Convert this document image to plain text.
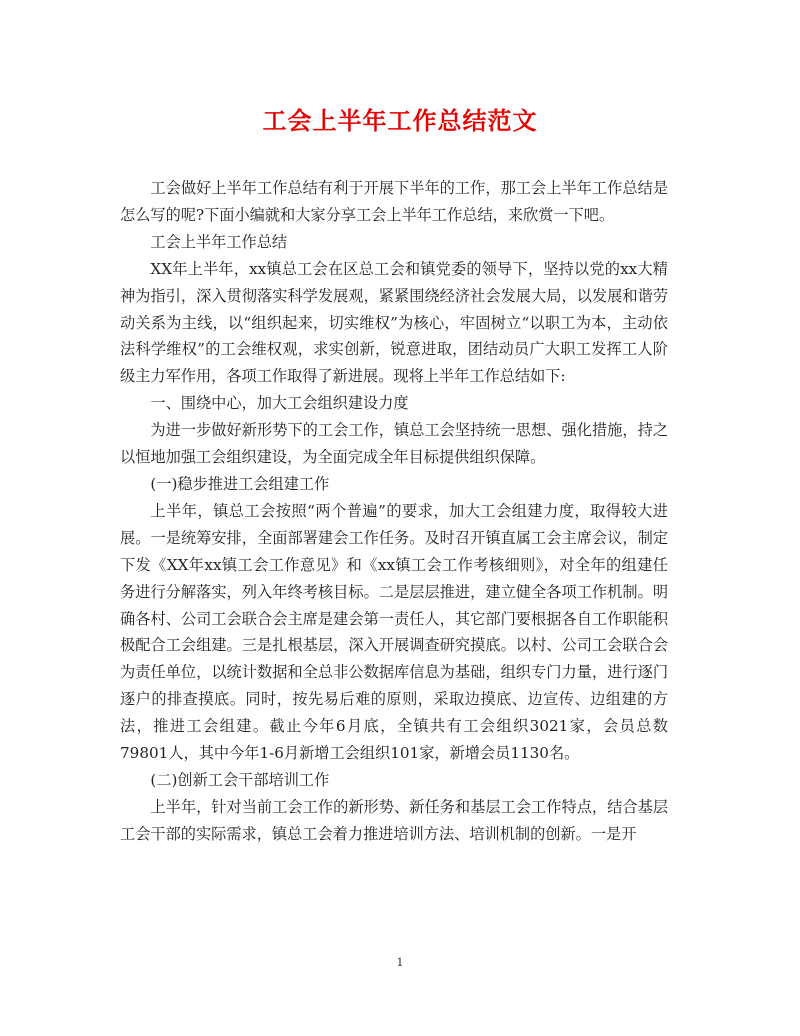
工会上半年工作总结范文

工会做好上半年工作总结有利于开展下半年的工作，那工会上半年工作总结是怎么写的呢?下面小编就和大家分享工会上半年工作总结，来欣赏一下吧。

工会上半年工作总结

XX年上半年，xx镇总工会在区总工会和镇党委的领导下，坚持以党的xx大精神为指引，深入贯彻落实科学发展观，紧紧围绕经济社会发展大局，以发展和谐劳动关系为主线，以“组织起来，切实维权”为核心，牢固树立“以职工为本，主动依法科学维权”的工会维权观，求实创新，锐意进取，团结动员广大职工发挥工人阶级主力军作用，各项工作取得了新进展。现将上半年工作总结如下:

一、围绕中心，加大工会组织建设力度

为进一步做好新形势下的工会工作，镇总工会坚持统一思想、强化措施，持之以恒地加强工会组织建设，为全面完成全年目标提供组织保障。

(一)稳步推进工会组建工作

上半年，镇总工会按照“两个普遍”的要求，加大工会组建力度，取得较大进展。一是统筹安排，全面部署建会工作任务。及时召开镇直属工会主席会议，制定下发《XX年xx镇工会工作意见》和《xx镇工会工作考核细则》，对全年的组建任务进行分解落实，列入年终考核目标。二是层层推进，建立健全各项工作机制。明确各村、公司工会联合会主席是建会第一责任人，其它部门要根据各自工作职能积极配合工会组建。三是扎根基层，深入开展调查研究摸底。以村、公司工会联合会为责任单位，以统计数据和全总非公数据库信息为基础，组织专门力量，进行逐门逐户的排查摸底。同时，按先易后难的原则，采取边摸底、边宣传、边组建的方法，推进工会组建。截止今年6月底，全镇共有工会组织3021家，会员总数79801人，其中今年1-6月新增工会组织101家，新增会员1130名。

(二)创新工会干部培训工作

上半年，针对当前工会工作的新形势、新任务和基层工会工作特点，结合基层工会干部的实际需求，镇总工会着力推进培训方法、培训机制的创新。一是开

1
